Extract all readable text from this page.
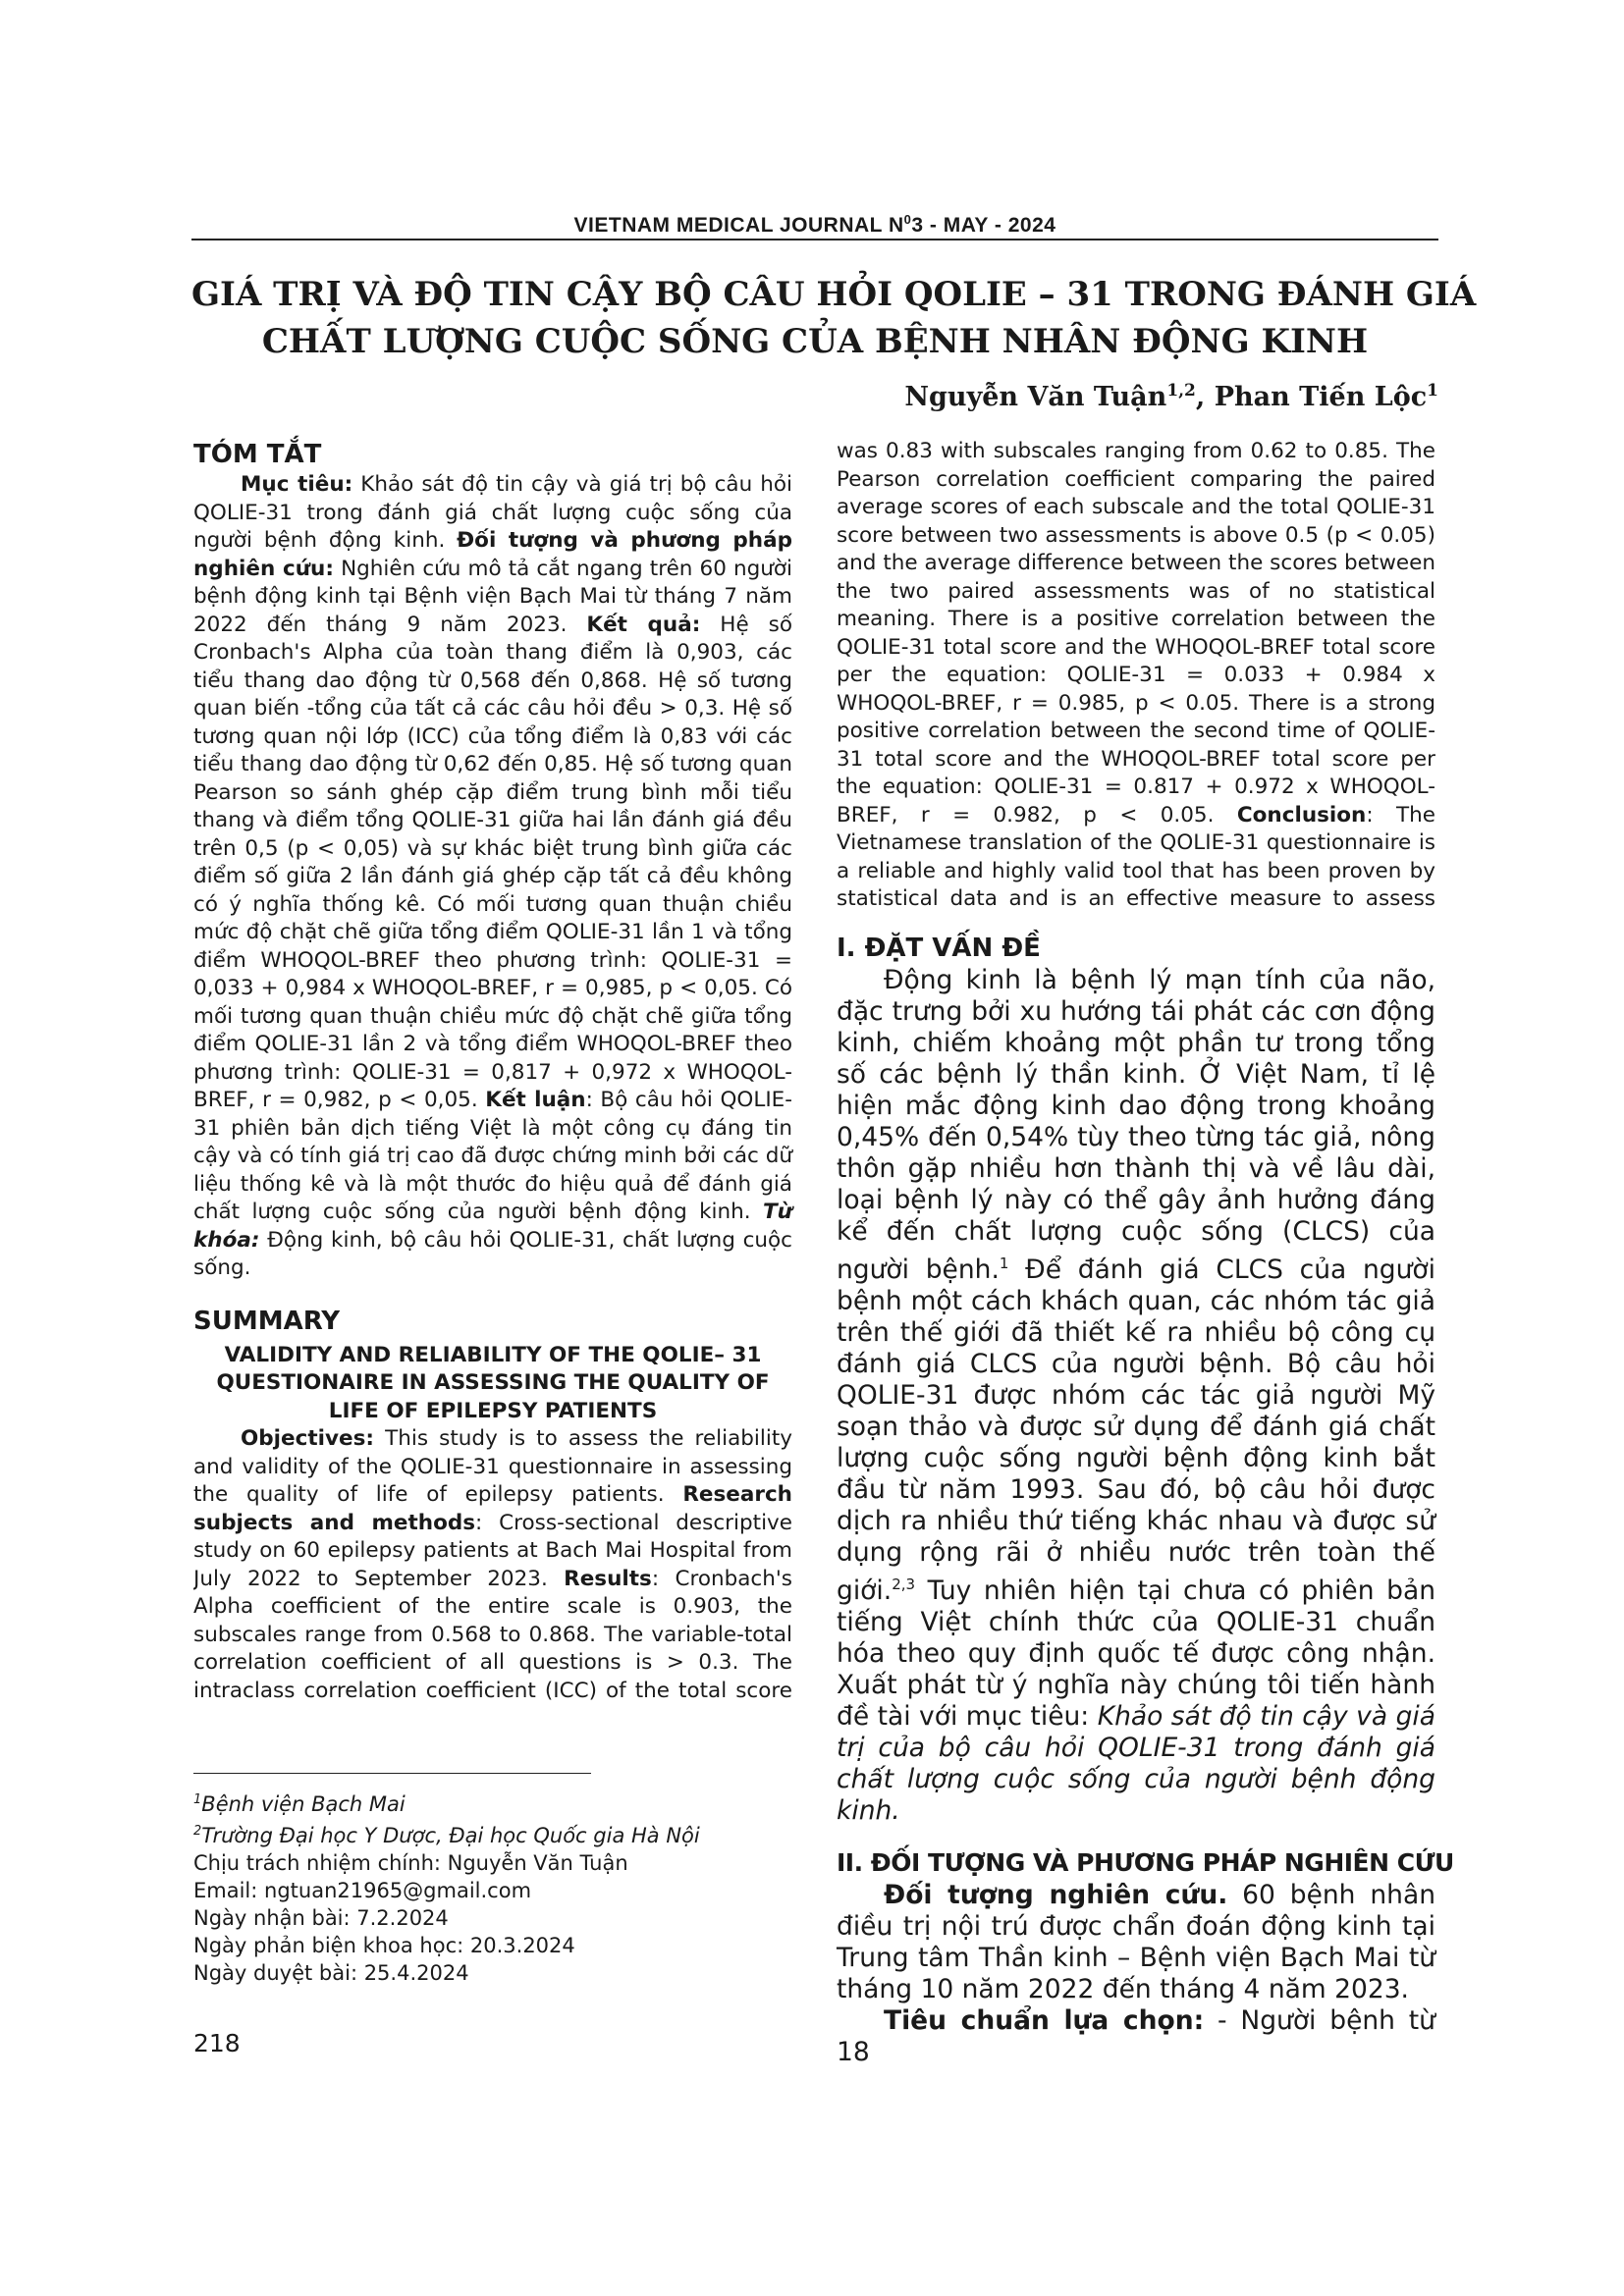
VIETNAM MEDICAL JOURNAL $N^03$ - MAY - 2024
GIÁ TRỊ VÀ ĐỘ TIN CẬY BỘ CÂU HỎI QOLIE – 31 TRONG ĐÁNH GIÁ
CHẤT LƯỢNG CUỘC SỐNG CỦA BỆNH NHÂN ĐỘNG KINH
Nguyễn Văn Tuận$^{1,2}$, Phan Tiến Lộc$^1$
TÓM TẮT

Mục tiêu: Khảo sát độ tin cậy và giá trị bộ câu hỏi QOLIE-31 trong đánh giá chất lượng cuộc sống của người bệnh động kinh. Đối tượng và phương pháp nghiên cứu: Nghiên cứu mô tả cắt ngang trên 60 người bệnh động kinh tại Bệnh viện Bạch Mai từ tháng 7 năm 2022 đến tháng 9 năm 2023. Kết quả: Hệ số Cronbach's Alpha của toàn thang điểm là 0,903, các tiểu thang dao động từ 0,568 đến 0,868. Hệ số tương quan biến -tổng của tất cả các câu hỏi đều > 0,3. Hệ số tương quan nội lớp (ICC) của tổng điểm là 0,83 với các tiểu thang dao động từ 0,62 đến 0,85. Hệ số tương quan Pearson so sánh ghép cặp điểm trung bình mỗi tiểu thang và điểm tổng QOLIE-31 giữa hai lần đánh giá đều trên 0,5 (p < 0,05) và sự khác biệt trung bình giữa các điểm số giữa 2 lần đánh giá ghép cặp tất cả đều không có ý nghĩa thống kê. Có mối tương quan thuận chiều mức độ chặt chẽ giữa tổng điểm QOLIE-31 lần 1 và tổng điểm WHOQOL-BREF theo phương trình: QOLIE-31 = 0,033 + 0,984 x WHOQOL-BREF, r = 0,985, p < 0,05. Có mối tương quan thuận chiều mức độ chặt chẽ giữa tổng điểm QOLIE-31 lần 2 và tổng điểm WHOQOL-BREF theo phương trình: QOLIE-31 = 0,817 + 0,972 x WHOQOL-BREF, r = 0,982, p < 0,05. Kết luận: Bộ câu hỏi QOLIE-31 phiên bản dịch tiếng Việt là một công cụ đáng tin cậy và có tính giá trị cao đã được chứng minh bởi các dữ liệu thống kê và là một thước đo hiệu quả để đánh giá chất lượng cuộc sống của người bệnh động kinh. Từ khóa: Động kinh, bộ câu hỏi QOLIE-31, chất lượng cuộc sống.

SUMMARY
VALIDITY AND RELIABILITY OF THE QOLIE– 31 QUESTIONAIRE IN ASSESSING THE QUALITY OF LIFE OF EPILEPSY PATIENTS

Objectives: This study is to assess the reliability and validity of the QOLIE-31 questionnaire in assessing the quality of life of epilepsy patients. Research subjects and methods: Cross-sectional descriptive study on 60 epilepsy patients at Bach Mai Hospital from July 2022 to September 2023. Results: Cronbach's Alpha coefficient of the entire scale is 0.903, the subscales range from 0.568 to 0.868. The variable-total correlation coefficient of all questions is > 0.3. The intraclass correlation coefficient (ICC) of the total score

$^1$Bệnh viện Bạch Mai
$^2$Trường Đại học Y Dược, Đại học Quốc gia Hà Nội
Chịu trách nhiệm chính: Nguyễn Văn Tuận
Email: ngtuan21965@gmail.com
Ngày nhận bài: 7.2.2024
Ngày phản biện khoa học: 20.3.2024
Ngày duyệt bài: 25.4.2024
218

was 0.83 with subscales ranging from 0.62 to 0.85. The Pearson correlation coefficient comparing the paired average scores of each subscale and the total QOLIE-31 score between two assessments is above 0.5 (p < 0.05) and the average difference between the scores between the two paired assessments was of no statistical meaning. There is a positive correlation between the QOLIE-31 total score and the WHOQOL-BREF total score per the equation: QOLIE-31 = 0.033 + 0.984 x WHOQOL-BREF, r = 0.985, p < 0.05. There is a strong positive correlation between the second time of QOLIE-31 total score and the WHOQOL-BREF total score per the equation: QOLIE-31 = 0.817 + 0.972 x WHOQOL-BREF, r = 0.982, p < 0.05. Conclusion: The Vietnamese translation of the QOLIE-31 questionnaire is a reliable and highly valid tool that has been proven by statistical data and is an effective measure to assess

I. ĐẶT VẤN ĐỀ

Động kinh là bệnh lý mạn tính của não, đặc trưng bởi xu hướng tái phát các cơn động kinh, chiếm khoảng một phần tư trong tổng số các bệnh lý thần kinh. Ở Việt Nam, tỉ lệ hiện mắc động kinh dao động trong khoảng 0,45% đến 0,54% tùy theo từng tác giả, nông thôn gặp nhiều hơn thành thị và về lâu dài, loại bệnh lý này có thể gây ảnh hưởng đáng kể đến chất lượng cuộc sống (CLCS) của người bệnh.$^1$ Để đánh giá CLCS của người bệnh một cách khách quan, các nhóm tác giả trên thế giới đã thiết kế ra nhiều bộ công cụ đánh giá CLCS của người bệnh. Bộ câu hỏi QOLIE-31 được nhóm các tác giả người Mỹ soạn thảo và được sử dụng để đánh giá chất lượng cuộc sống người bệnh động kinh bắt đầu từ năm 1993. Sau đó, bộ câu hỏi được dịch ra nhiều thứ tiếng khác nhau và được sử dụng rộng rãi ở nhiều nước trên toàn thế giới.$^{2,3}$ Tuy nhiên hiện tại chưa có phiên bản tiếng Việt chính thức của QOLIE-31 chuẩn hóa theo quy định quốc tế được công nhận. Xuất phát từ ý nghĩa này chúng tôi tiến hành đề tài với mục tiêu: Khảo sát độ tin cậy và giá trị của bộ câu hỏi QOLIE-31 trong đánh giá chất lượng cuộc sống của người bệnh động kinh.

II. ĐỐI TƯỢNG VÀ PHƯƠNG PHÁP NGHIÊN CỨU

Đối tượng nghiên cứu. 60 bệnh nhân điều trị nội trú được chẩn đoán động kinh tại Trung tâm Thần kinh – Bệnh viện Bạch Mai từ tháng 10 năm 2022 đến tháng 4 năm 2023.

Tiêu chuẩn lựa chọn: - Người bệnh từ 18
